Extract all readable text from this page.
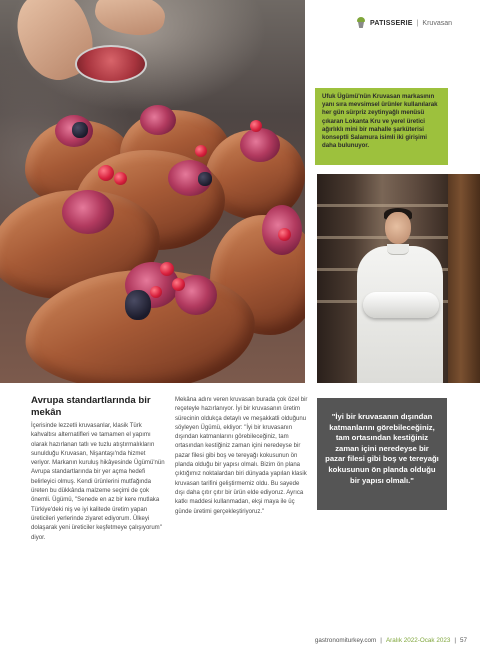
PATISSERIE | Kruvasan
Ufuk Ügümü'nün Kruvasan markasının yanı sıra mevsimsel ürünler kullanılarak her gün sürpriz zeytinyağlı menüsü çıkaran Lokanta Kru ve yerel üretici ağırlıklı mini bir mahalle şarküterisi konseptli Salamura isimli iki girişimi daha bulunuyor.
Avrupa standartlarında bir mekân

İçerisinde lezzetli kruvasanlar, klasik Türk kahvaltısı alternatifleri ve tamamen el yapımı olarak hazırlanan tatlı ve tuzlu atıştırmalıkların sunulduğu Kruvasan, Nişantaşı'nda hizmet veriyor. Markanın kuruluş hikâyesinde Ügümü'nün Avrupa standartlarında bir yer açma hedefi belirleyici olmuş. Kendi ürünlerini mutfağında üreten bu dükkânda malzeme seçimi de çok önemli. Ügümü, "Senede en az bir kere mutlaka Türkiye'deki niş ve iyi kalitede üretim yapan üreticileri yerlerinde ziyaret ediyorum. Ülkeyi dolaşarak yeni üreticiler keşfetmeye çalışıyorum" diyor.

Mekâna adını veren kruvasan burada çok özel bir reçeteyle hazırlanıyor. İyi bir kruvasanın üretim sürecinin oldukça detaylı ve meşakkatli olduğunu söyleyen Ügümü, ekliyor: "İyi bir kruvasanın dışından katmanlarını görebileceğiniz, tam ortasından kestiğiniz zaman içini neredeyse bir pazar filesi gibi boş ve tereyağı kokusunun ön planda olduğu bir yapısı olmalı. Bizim ön plana çıktığımız noktalardan biri dünyada yapılan klasik kruvasan tarifini geliştirmemiz oldu. Bu sayede dışı daha çıtır çıtır bir ürün elde ediyoruz. Ayrıca katkı maddesi kullanmadan, ekşi maya ile üç günde üretimi gerçekleştiriyoruz."

"İyi bir kruvasanın dışından katmanlarını görebileceğiniz, tam ortasından kestiğiniz zaman içini neredeyse bir pazar filesi gibi boş ve tereyağı kokusunun ön planda olduğu bir yapısı olmalı."
gastronomiturkey.com | Aralık 2022-Ocak 2023 | 57
